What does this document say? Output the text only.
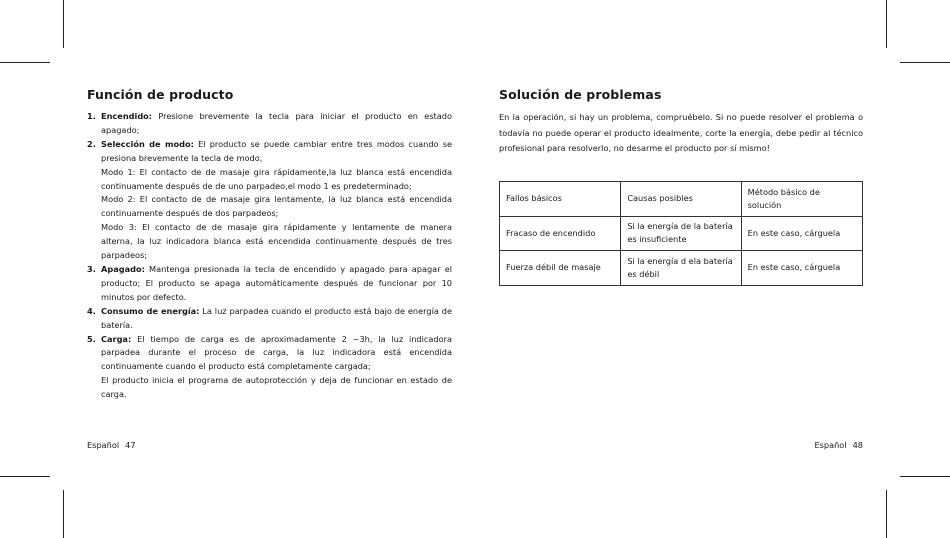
Función de producto
1. Encendido: Presione brevemente la tecla para iniciar el producto en estado apagado;
2. Selección de modo: El producto se puede cambiar entre tres modos cuando se presiona brevemente la tecla de modo,
Modo 1: El contacto de de masaje gira rápidamente,la luz blanca está encendida continuamente después de de uno parpadeo,el modo 1 es predeterminado;
Modo 2: El contacto de de masaje gira lentamente, la luz blanca está encendida continuamente después de dos parpadeos;
Modo 3: El contacto de de masaje gira rápidamente y lentamente de manera alterna, la luz indicadora blanca está encendida continuamente después de tres parpadeos;
3. Apagado: Mantenga presionada la tecla de encendido y apagado para apagar el producto; El producto se apaga automáticamente después de funcionar por 10 minutos por defecto.
4. Consumo de energía: La luz parpadea cuando el producto está bajo de energía de batería.
5. Carga: El tiempo de carga es de aproximadamente 2 ~3h, la luz indicadora parpadea durante el proceso de carga, la luz indicadora está encendida continuamente cuando el producto está completamente cargada;
El producto inicia el programa de autoprotección y deja de funcionar en estado de carga.
Solución de problemas

En la operación, si hay un problema, compruébelo. Si no puede resolver el problema o todavía no puede operar el producto idealmente, corte la energía, debe pedir al técnico profesional para resolverlo, no desarme el producto por sí mismo!

Fallos básicos	Causas posibles	Método básico de solución
Fracaso de encendido	Si la energía de la batería es insuficiente	En este caso, cárguela
Fuerza débil de masaje	Si la energía d ela batería es débil	En este caso, cárguela
Español 47	Español 48
